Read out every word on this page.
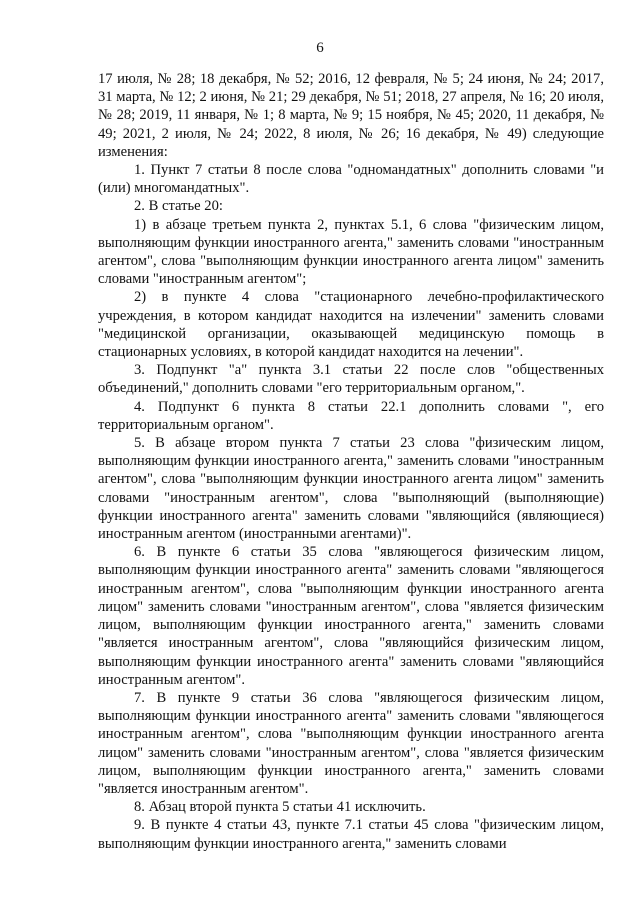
6

17 июля, № 28; 18 декабря, № 52; 2016, 12 февраля, № 5; 24 июня, № 24; 2017, 31 марта, № 12; 2 июня, № 21; 29 декабря, № 51; 2018, 27 апреля, № 16; 20 июля, № 28; 2019, 11 января, № 1; 8 марта, № 9; 15 ноября, № 45; 2020, 11 декабря, № 49; 2021, 2 июля, № 24; 2022, 8 июля, № 26; 16 декабря, № 49) следующие изменения:

1. Пункт 7 статьи 8 после слова "одномандатных" дополнить словами "и (или) многомандатных".

2. В статье 20:

1) в абзаце третьем пункта 2, пунктах 5.1, 6 слова "физическим лицом, выполняющим функции иностранного агента," заменить словами "иностранным агентом", слова "выполняющим функции иностранного агента лицом" заменить словами "иностранным агентом";

2) в пункте 4 слова "стационарного лечебно-профилактического учреждения, в котором кандидат находится на излечении" заменить словами "медицинской организации, оказывающей медицинскую помощь в стационарных условиях, в которой кандидат находится на лечении".

3. Подпункт "а" пункта 3.1 статьи 22 после слов "общественных объединений," дополнить словами "его территориальным органом,".

4. Подпункт 6 пункта 8 статьи 22.1 дополнить словами ", его территориальным органом".

5. В абзаце втором пункта 7 статьи 23 слова "физическим лицом, выполняющим функции иностранного агента," заменить словами "иностранным агентом", слова "выполняющим функции иностранного агента лицом" заменить словами "иностранным агентом", слова "выполняющий (выполняющие) функции иностранного агента" заменить словами "являющийся (являющиеся) иностранным агентом (иностранными агентами)".

6. В пункте 6 статьи 35 слова "являющегося физическим лицом, выполняющим функции иностранного агента" заменить словами "являющегося иностранным агентом", слова "выполняющим функции иностранного агента лицом" заменить словами "иностранным агентом", слова "является физическим лицом, выполняющим функции иностранного агента," заменить словами "является иностранным агентом", слова "являющийся физическим лицом, выполняющим функции иностранного агента" заменить словами "являющийся иностранным агентом".

7. В пункте 9 статьи 36 слова "являющегося физическим лицом, выполняющим функции иностранного агента" заменить словами "являющегося иностранным агентом", слова "выполняющим функции иностранного агента лицом" заменить словами "иностранным агентом", слова "является физическим лицом, выполняющим функции иностранного агента," заменить словами "является иностранным агентом".

8. Абзац второй пункта 5 статьи 41 исключить.

9. В пункте 4 статьи 43, пункте 7.1 статьи 45 слова "физическим лицом, выполняющим функции иностранного агента," заменить словами
